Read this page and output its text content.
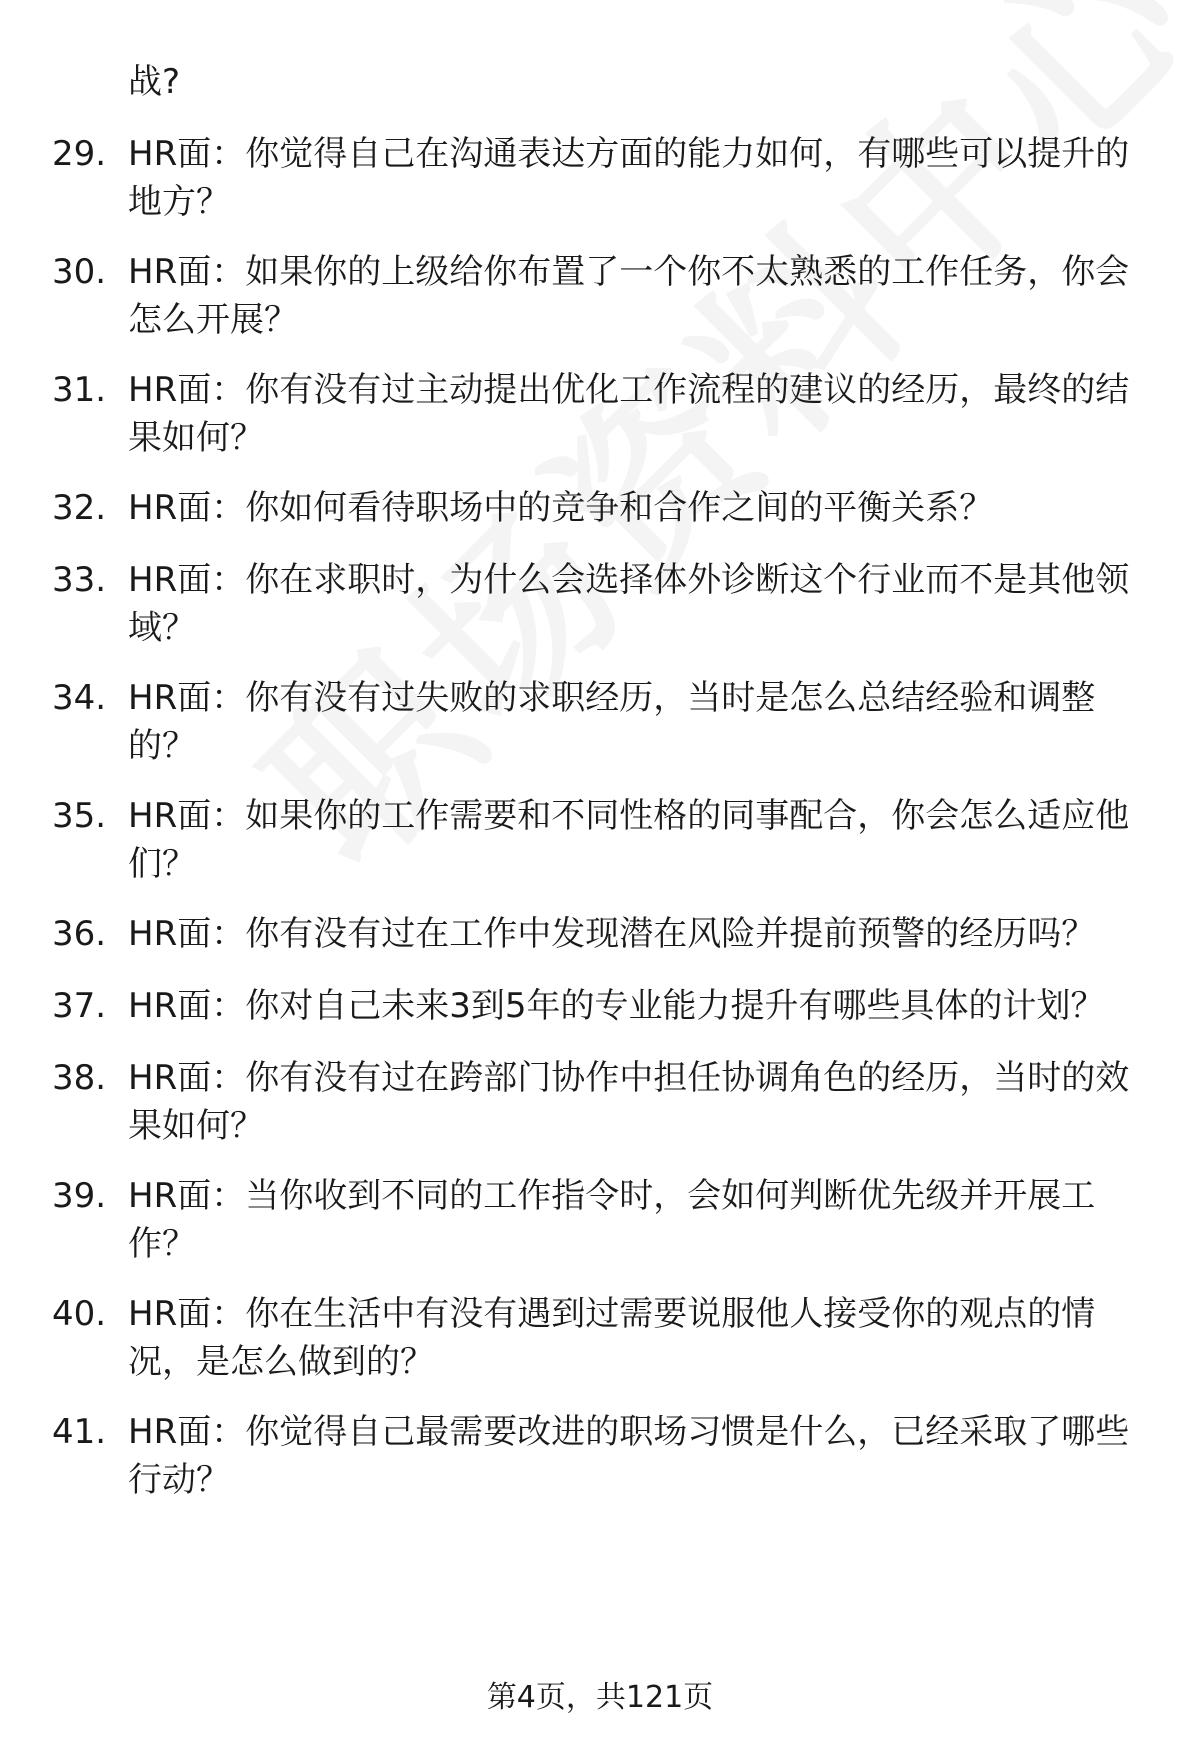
战?
29. HR面：你觉得自己在沟通表达方面的能力如何，有哪些可以提升的地方？
30. HR面：如果你的上级给你布置了一个你不太熟悉的工作任务，你会怎么开展？
31. HR面：你有没有过主动提出优化工作流程的建议的经历，最终的结果如何？
32. HR面：你如何看待职场中的竞争和合作之间的平衡关系？
33. HR面：你在求职时，为什么会选择体外诊断这个行业而不是其他领域？
34. HR面：你有没有过失败的求职经历，当时是怎么总结经验和调整的？
35. HR面：如果你的工作需要和不同性格的同事配合，你会怎么适应他们？
36. HR面：你有没有过在工作中发现潜在风险并提前预警的经历吗？
37. HR面：你对自己未来3到5年的专业能力提升有哪些具体的计划？
38. HR面：你有没有过在跨部门协作中担任协调角色的经历，当时的效果如何？
39. HR面：当你收到不同的工作指令时，会如何判断优先级并开展工作？
40. HR面：你在生活中有没有遇到过需要说服他人接受你的观点的情况，是怎么做到的？
41. HR面：你觉得自己最需要改进的职场习惯是什么，已经采取了哪些行动？
第4页，共121页
